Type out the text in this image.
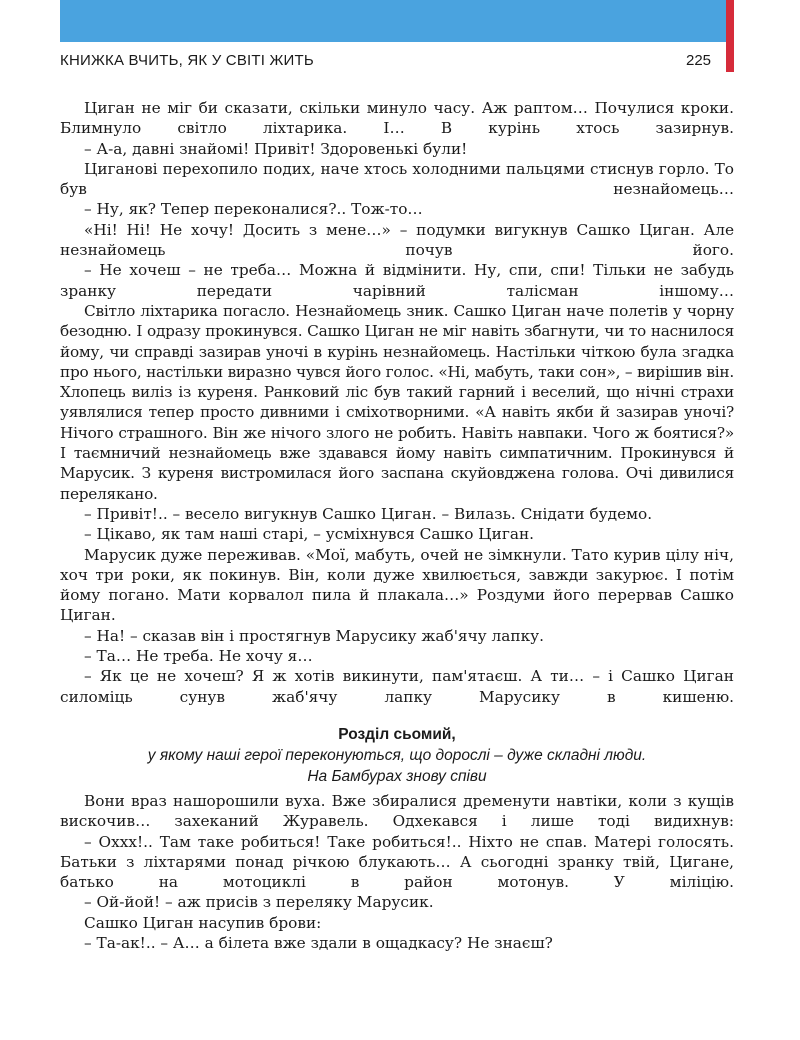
КНИЖКА ВЧИТЬ, ЯК У СВІТІ ЖИТЬ	225

Циган не міг би сказати, скільки минуло часу. Аж раптом… Почулися кроки. Блимнуло світло ліхтарика. І… В курінь хтось зазирнув.

– А-а, давні знайомі! Привіт! Здоровенькі були!

Циганові перехопило подих, наче хтось холодними пальцями стиснув горло. То був незнайомець…

– Ну, як? Тепер переконалися?.. Тож-то…

«Ні! Ні! Не хочу! Досить з мене…» – подумки вигукнув Сашко Циган. Але незнайомець почув його.

– Не хочеш – не треба… Можна й відмінити. Ну, спи, спи! Тільки не забудь зранку передати чарівний талісман іншому…

Світло ліхтарика погасло. Незнайомець зник. Сашко Циган наче полетів у чорну безодню. І одразу прокинувся. Сашко Циган не міг навіть збагнути, чи то наснилося йому, чи справді зазирав уночі в курінь незнайомець. Настільки чіткою була згадка про нього, настільки виразно чувся його голос. «Ні, мабуть, таки сон», – вирішив він. Хлопець виліз із куреня. Ранковий ліс був такий гарний і веселий, що нічні страхи уявлялися тепер просто дивними і сміхотворними. «А навіть якби й зазирав уночі? Нічого страшного. Він же нічого злого не робить. Навіть навпаки. Чого ж боятися?» І таємничий незнайомець вже здавався йому навіть симпатичним. Прокинувся й Марусик. З куреня вистромилася його заспана скуйовджена голова. Очі дивилися перелякано.

– Привіт!.. – весело вигукнув Сашко Циган. – Вилазь. Снідати будемо.

– Цікаво, як там наші старі, – усміхнувся Сашко Циган.

Марусик дуже переживав. «Мої, мабуть, очей не зімкнули. Тато курив цілу ніч, хоч три роки, як покинув. Він, коли дуже хвилюється, завжди закурює. І потім йому погано. Мати корвалол пила й плакала…» Роздуми його перервав Сашко Циган.

– На! – сказав він і простягнув Марусику жаб'ячу лапку.

– Та… Не треба. Не хочу я…

– Як це не хочеш? Я ж хотів викинути, пам'ятаєш. А ти… – і Сашко Циган силоміць сунув жаб'ячу лапку Марусику в кишеню.

Розділ сьомий,
у якому наші герої переконуються, що дорослі – дуже складні люди.
На Бамбурах знову співи

Вони враз нашорошили вуха. Вже збиралися дременути навтіки, коли з кущів вискочив… захеканий Журавель. Одхекався і лише тоді видихнув:

– Оххх!.. Там таке робиться! Таке робиться!.. Ніхто не спав. Матері голосять. Батьки з ліхтарями понад річкою блукають… А сьогодні зранку твій, Цигане, батько на мотоциклі в район мотонув. У міліцію.

– Ой-йой! – аж присів з переляку Марусик.

Сашко Циган насупив брови:

– Та-ак!.. – А… а білета вже здали в ощадкасу? Не знаєш?
